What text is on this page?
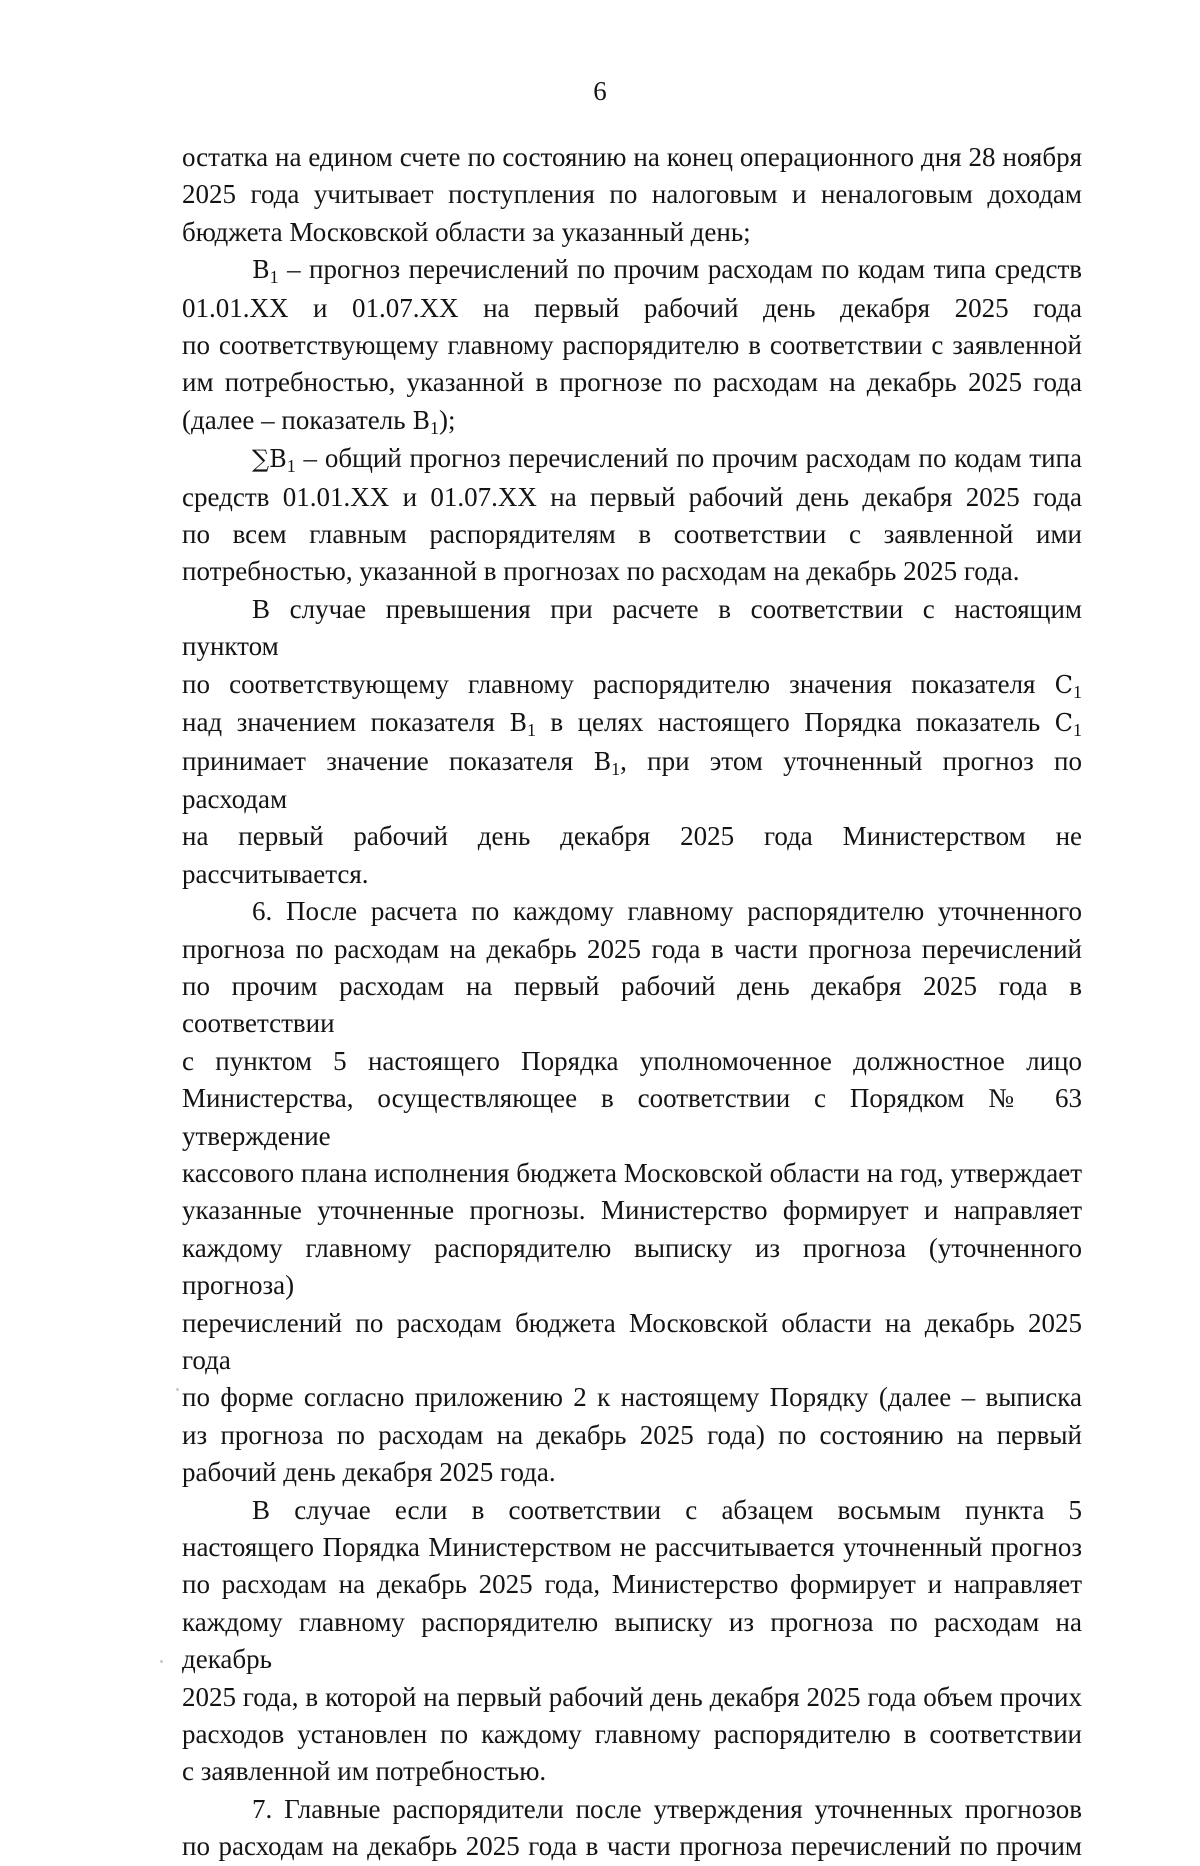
6

остатка на едином счете по состоянию на конец операционного дня 28 ноября

2025 года учитывает поступления по налоговым и неналоговым доходам

бюджета Московской области за указанный день;

$B_1$ – прогноз перечислений по прочим расходам по кодам типа средств

01.01.XX и 01.07.XX на первый рабочий день декабря 2025 года

по соответствующему главному распорядителю в соответствии с заявленной

им потребностью, указанной в прогнозе по расходам на декабрь 2025 года

(далее – показатель $B_1$);

$\sum B_1$ – общий прогноз перечислений по прочим расходам по кодам типа

средств 01.01.XX и 01.07.XX на первый рабочий день декабря 2025 года

по всем главным распорядителям в соответствии с заявленной ими

потребностью, указанной в прогнозах по расходам на декабрь 2025 года.

В случае превышения при расчете в соответствии с настоящим пунктом

по соответствующему главному распорядителю значения показателя $C_1$

над значением показателя $B_1$ в целях настоящего Порядка показатель $C_1$

принимает значение показателя $B_1$, при этом уточненный прогноз по расходам

на первый рабочий день декабря 2025 года Министерством не рассчитывается.

6. После расчета по каждому главному распорядителю уточненного

прогноза по расходам на декабрь 2025 года в части прогноза перечислений

по прочим расходам на первый рабочий день декабря 2025 года в соответствии

с пунктом 5 настоящего Порядка уполномоченное должностное лицо

Министерства, осуществляющее в соответствии с Порядком № 63 утверждение

кассового плана исполнения бюджета Московской области на год, утверждает

указанные уточненные прогнозы. Министерство формирует и направляет

каждому главному распорядителю выписку из прогноза (уточненного прогноза)

перечислений по расходам бюджета Московской области на декабрь 2025 года

по форме согласно приложению 2 к настоящему Порядку (далее – выписка

из прогноза по расходам на декабрь 2025 года) по состоянию на первый

рабочий день декабря 2025 года.

В случае если в соответствии с абзацем восьмым пункта 5

настоящего Порядка Министерством не рассчитывается уточненный прогноз

по расходам на декабрь 2025 года, Министерство формирует и направляет

каждому главному распорядителю выписку из прогноза по расходам на декабрь

2025 года, в которой на первый рабочий день декабря 2025 года объем прочих

расходов установлен по каждому главному распорядителю в соответствии

с заявленной им потребностью.

7. Главные распорядители после утверждения уточненных прогнозов

по расходам на декабрь 2025 года в части прогноза перечислений по прочим
